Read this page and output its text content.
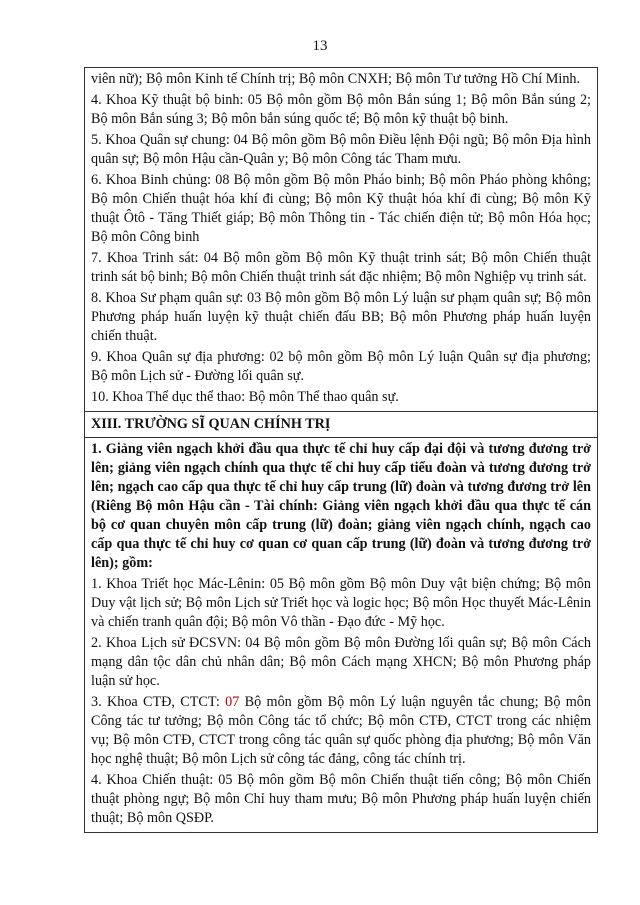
13

viên nữ); Bộ môn Kinh tế Chính trị; Bộ môn CNXH; Bộ môn Tư tưởng Hồ Chí Minh.

4. Khoa Kỹ thuật bộ binh: 05 Bộ môn gồm Bộ môn Bắn súng 1; Bộ môn Bắn súng 2; Bộ môn Bắn súng 3; Bộ môn bắn súng quốc tế; Bộ môn kỹ thuật bộ binh.

5. Khoa Quân sự chung: 04 Bộ môn gồm Bộ môn Điều lệnh Đội ngũ; Bộ môn Địa hình quân sự; Bộ môn Hậu cần-Quân y; Bộ môn Công tác Tham mưu.

6. Khoa Binh chủng: 08 Bộ môn gồm Bộ môn Pháo binh; Bộ môn Pháo phòng không; Bộ môn Chiến thuật hóa khí đi cùng; Bộ môn Kỹ thuật hóa khí đi cùng; Bộ môn Kỹ thuật Ôtô - Tăng Thiết giáp; Bộ môn Thông tin - Tác chiến điện tử; Bộ môn Hóa học; Bộ môn Công binh

7. Khoa Trinh sát: 04 Bộ môn gồm Bộ môn Kỹ thuật trinh sát; Bộ môn Chiến thuật trinh sát bộ binh; Bộ môn Chiến thuật trinh sát đặc nhiệm; Bộ môn Nghiệp vụ trinh sát.

8. Khoa Sư phạm quân sự: 03 Bộ môn gồm Bộ môn Lý luận sư phạm quân sự; Bộ môn Phương pháp huấn luyện kỹ thuật chiến đấu BB; Bộ môn Phương pháp huấn luyện chiến thuật.

9. Khoa Quân sự địa phương: 02 bộ môn gồm Bộ môn Lý luận Quân sự địa phương; Bộ môn Lịch sử - Đường lối quân sự.

10. Khoa Thể dục thể thao: Bộ môn Thể thao quân sự.

XIII. TRƯỜNG SĨ QUAN CHÍNH TRỊ

1. Giảng viên ngạch khởi đầu qua thực tế chỉ huy cấp đại đội và tương đương trở lên; giảng viên ngạch chính qua thực tế chỉ huy cấp tiểu đoàn và tương đương trở lên; ngạch cao cấp qua thực tế chỉ huy cấp trung (lữ) đoàn và tương đương trở lên (Riêng Bộ môn Hậu cần - Tài chính: Giảng viên ngạch khởi đầu qua thực tế cán bộ cơ quan chuyên môn cấp trung (lữ) đoàn; giảng viên ngạch chính, ngạch cao cấp qua thực tế chỉ huy cơ quan cơ quan cấp trung (lữ) đoàn và tương đương trở lên); gồm:

1. Khoa Triết học Mác-Lênin: 05 Bộ môn gồm Bộ môn Duy vật biện chứng; Bộ môn Duy vật lịch sử; Bộ môn Lịch sử Triết học và logic học; Bộ môn Học thuyết Mác-Lênin và chiến tranh quân đội; Bộ môn Vô thần - Đạo đức - Mỹ học.

2. Khoa Lịch sử ĐCSVN: 04 Bộ môn gồm Bộ môn Đường lối quân sự; Bộ môn Cách mạng dân tộc dân chủ nhân dân; Bộ môn Cách mạng XHCN; Bộ môn Phương pháp luận sử học.

3. Khoa CTĐ, CTCT: 07 Bộ môn gồm Bộ môn Lý luận nguyên tắc chung; Bộ môn Công tác tư tưởng; Bộ môn Công tác tổ chức; Bộ môn CTĐ, CTCT trong các nhiệm vụ; Bộ môn CTĐ, CTCT trong công tác quân sự quốc phòng địa phương; Bộ môn Văn học nghệ thuật; Bộ môn Lịch sử công tác đảng, công tác chính trị.

4. Khoa Chiến thuật: 05 Bộ môn gồm Bộ môn Chiến thuật tiến công; Bộ môn Chiến thuật phòng ngự; Bộ môn Chỉ huy tham mưu; Bộ môn Phương pháp huấn luyện chiến thuật; Bộ môn QSĐP.
